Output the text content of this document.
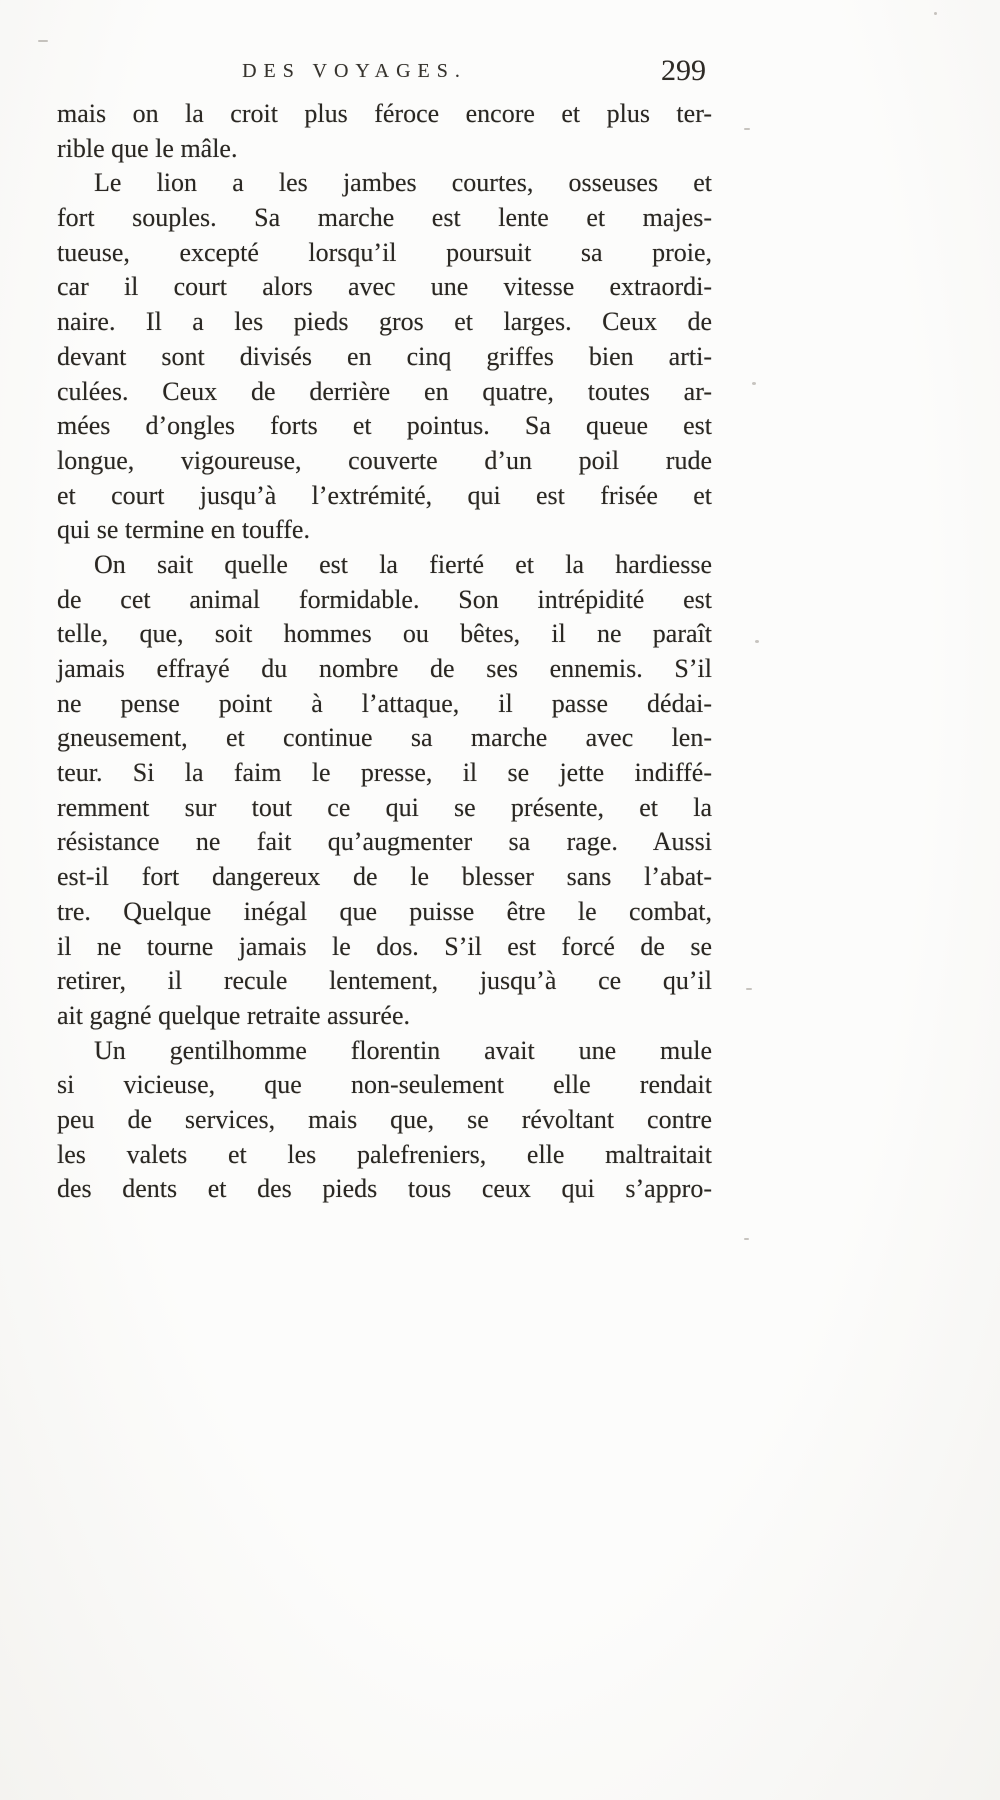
DES VOYAGES.	299
mais on la croit plus féroce encore et plus ter-
rible que le mâle.
Le lion a les jambes courtes, osseuses et
fort souples. Sa marche est lente et majes-
tueuse, excepté lorsqu’il poursuit sa proie,
car il court alors avec une vitesse extraordi-
naire. Il a les pieds gros et larges. Ceux de
devant sont divisés en cinq griffes bien arti-
culées. Ceux de derrière en quatre, toutes ar-
mées d’ongles forts et pointus. Sa queue est
longue, vigoureuse, couverte d’un poil rude
et court jusqu’à l’extrémité, qui est frisée et
qui se termine en touffe.
On sait quelle est la fierté et la hardiesse
de cet animal formidable. Son intrépidité est
telle, que, soit hommes ou bêtes, il ne paraît
jamais effrayé du nombre de ses ennemis. S’il
ne pense point à l’attaque, il passe dédai-
gneusement, et continue sa marche avec len-
teur. Si la faim le presse, il se jette indiffé-
remment sur tout ce qui se présente, et la
résistance ne fait qu’augmenter sa rage. Aussi
est-il fort dangereux de le blesser sans l’abat-
tre. Quelque inégal que puisse être le combat,
il ne tourne jamais le dos. S’il est forcé de se
retirer, il recule lentement, jusqu’à ce qu’il
ait gagné quelque retraite assurée.
Un gentilhomme florentin avait une mule
si vicieuse, que non-seulement elle rendait
peu de services, mais que, se révoltant contre
les valets et les palefreniers, elle maltraitait
des dents et des pieds tous ceux qui s’appro-
